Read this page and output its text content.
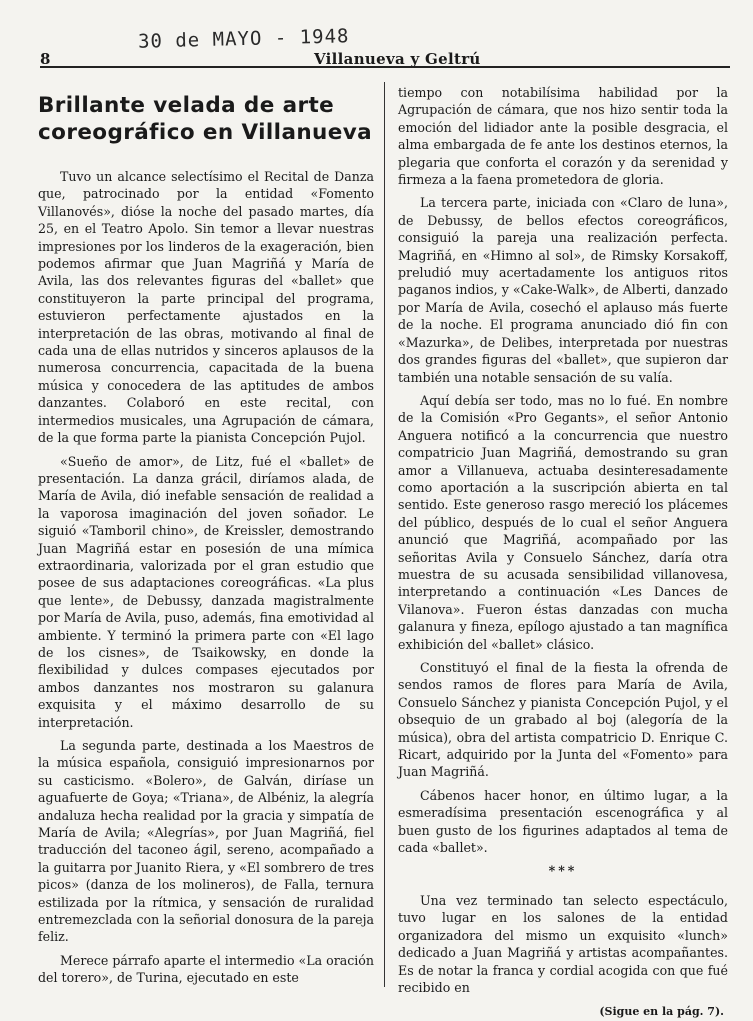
30 de MAYO - 1948
8	Villanueva y Geltrú
Brillante velada de arte
coreográfico en Villanueva

Tuvo un alcance selectísimo el Recital de Danza que, patrocinado por la entidad «Fomento Villanovés», dióse la noche del pasado martes, día 25, en el Teatro Apolo. Sin temor a llevar nuestras impresiones por los linderos de la exageración, bien podemos afirmar que Juan Magriñá y María de Avila, las dos relevantes figuras del «ballet» que constituyeron la parte principal del programa, estuvieron perfectamente ajustados en la interpretación de las obras, motivando al final de cada una de ellas nutridos y sinceros aplausos de la numerosa concurrencia, capacitada de la buena música y conocedera de las aptitudes de ambos danzantes. Colaboró en este recital, con intermedios musicales, una Agrupación de cámara, de la que forma parte la pianista Concepción Pujol.

«Sueño de amor», de Litz, fué el «ballet» de presentación. La danza grácil, diríamos alada, de María de Avila, dió inefable sensación de realidad a la vaporosa imaginación del joven soñador. Le siguió «Tamboril chino», de Kreissler, demostrando Juan Magriñá estar en posesión de una mímica extraordinaria, valorizada por el gran estudio que posee de sus adaptaciones coreográficas. «La plus que lente», de Debussy, danzada magistralmente por María de Avila, puso, además, fina emotividad al ambiente. Y terminó la primera parte con «El lago de los cisnes», de Tsaikowsky, en donde la flexibilidad y dulces compases ejecutados por ambos danzantes nos mostraron su galanura exquisita y el máximo desarrollo de su interpretación.

La segunda parte, destinada a los Maestros de la música española, consiguió impresionarnos por su casticismo. «Bolero», de Galván, diríase un aguafuerte de Goya; «Triana», de Albéniz, la alegría andaluza hecha realidad por la gracia y simpatía de María de Avila; «Alegrías», por Juan Magriñá, fiel traducción del taconeo ágil, sereno, acompañado a la guitarra por Juanito Riera, y «El sombrero de tres picos» (danza de los molineros), de Falla, ternura estilizada por la rítmica, y sensación de ruralidad entremezclada con la señorial donosura de la pareja feliz.

Merece párrafo aparte el intermedio «La oración del torero», de Turina, ejecutado en este

tiempo con notabilísima habilidad por la Agrupación de cámara, que nos hizo sentir toda la emoción del lidiador ante la posible desgracia, el alma embargada de fe ante los destinos eternos, la plegaria que conforta el corazón y da serenidad y firmeza a la faena prometedora de gloria.

La tercera parte, iniciada con «Claro de luna», de Debussy, de bellos efectos coreográficos, consiguió la pareja una realización perfecta. Magriñá, en «Himno al sol», de Rimsky Korsakoff, preludió muy acertadamente los antiguos ritos paganos indios, y «Cake-Walk», de Alberti, danzado por María de Avila, cosechó el aplauso más fuerte de la noche. El programa anunciado dió fin con «Mazurka», de Delibes, interpretada por nuestras dos grandes figuras del «ballet», que supieron dar también una notable sensación de su valía.

Aquí debía ser todo, mas no lo fué. En nombre de la Comisión «Pro Gegants», el señor Antonio Anguera notificó a la concurrencia que nuestro compatricio Juan Magriñá, demostrando su gran amor a Villanueva, actuaba desinteresadamente como aportación a la suscripción abierta en tal sentido. Este generoso rasgo mereció los plácemes del público, después de lo cual el señor Anguera anunció que Magriñá, acompañado por las señoritas Avila y Consuelo Sánchez, daría otra muestra de su acusada sensibilidad villanovesa, interpretando a continuación «Les Dances de Vilanova». Fueron éstas danzadas con mucha galanura y fineza, epílogo ajustado a tan magnífica exhibición del «ballet» clásico.

Constituyó el final de la fiesta la ofrenda de sendos ramos de flores para María de Avila, Consuelo Sánchez y pianista Concepción Pujol, y el obsequio de un grabado al boj (alegoría de la música), obra del artista compatricio D. Enrique C. Ricart, adquirido por la Junta del «Fomento» para Juan Magriñá.

Cábenos hacer honor, en último lugar, a la esmeradísima presentación escenográfica y al buen gusto de los figurines adaptados al tema de cada «ballet».

***

Una vez terminado tan selecto espectáculo, tuvo lugar en los salones de la entidad organizadora del mismo un exquisito «lunch» dedicado a Juan Magriñá y artistas acompañantes. Es de notar la franca y cordial acogida con que fué recibido en

(Sigue en la pág. 7).
